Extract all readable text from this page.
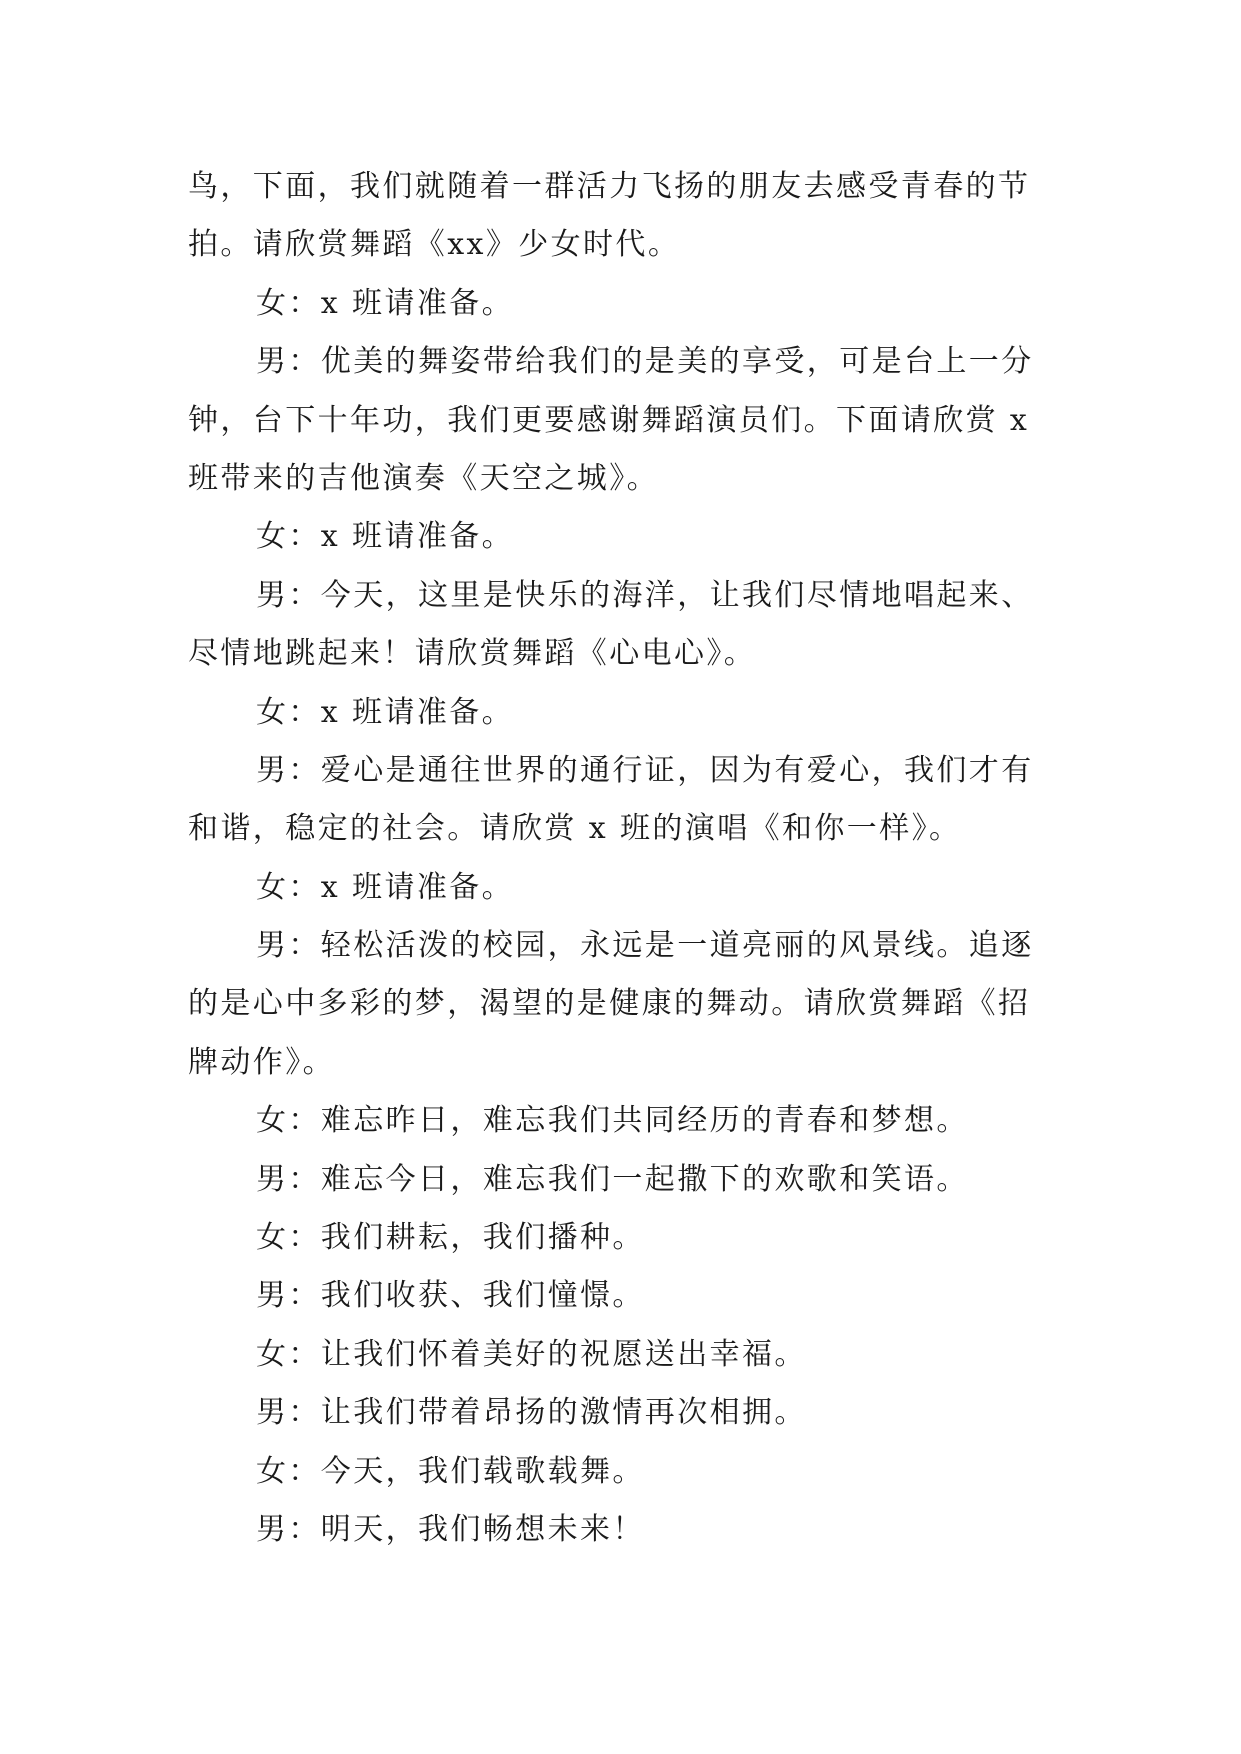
鸟，下面，我们就随着一群活力飞扬的朋友去感受青春的节
拍。请欣赏舞蹈《xx》少女时代。
女：x 班请准备。
男：优美的舞姿带给我们的是美的享受，可是台上一分
钟，台下十年功，我们更要感谢舞蹈演员们。下面请欣赏 x
班带来的吉他演奏《天空之城》。
女：x 班请准备。
男：今天，这里是快乐的海洋，让我们尽情地唱起来、
尽情地跳起来！请欣赏舞蹈《心电心》。
女：x 班请准备。
男：爱心是通往世界的通行证，因为有爱心，我们才有
和谐，稳定的社会。请欣赏 x 班的演唱《和你一样》。
女：x 班请准备。
男：轻松活泼的校园，永远是一道亮丽的风景线。追逐
的是心中多彩的梦，渴望的是健康的舞动。请欣赏舞蹈《招
牌动作》。
女：难忘昨日，难忘我们共同经历的青春和梦想。
男：难忘今日，难忘我们一起撒下的欢歌和笑语。
女：我们耕耘，我们播种。
男：我们收获、我们憧憬。
女：让我们怀着美好的祝愿送出幸福。
男：让我们带着昂扬的激情再次相拥。
女：今天，我们载歌载舞。
男：明天，我们畅想未来！
